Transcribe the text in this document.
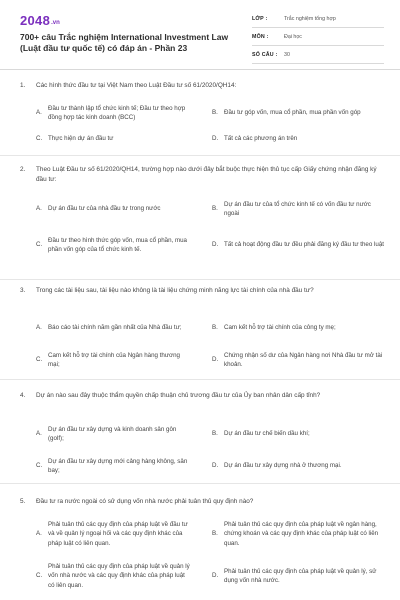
2048.vn
700+ câu Trắc nghiệm International Investment Law (Luật đầu tư quốc tế) có đáp án - Phần 23
LỚP :	Trắc nghiệm tổng hợp
MÔN :	Đại học
SỐ CÂU :	30
1.	Các hình thức đầu tư tại Việt Nam theo Luật Đầu tư số 61/2020/QH14:
A.
Đầu tư thành lập tổ chức kinh tế; Đầu tư theo hợp đồng hợp tác kinh doanh (BCC)
B. Đầu tư góp vốn, mua cổ phần, mua phần vốn góp
C. Thực hiện dự án đầu tư	D. Tất cả các phương án trên
2.	Theo Luật Đầu tư số 61/2020/QH14, trường hợp nào dưới đây bắt buộc thực hiện thủ tục cấp Giấy chứng nhận đăng ký đầu tư:
A. Dự án đầu tư của nhà đầu tư trong nước	B.
Dự án đầu tư của tổ chức kinh tế có vốn đầu tư nước ngoài
C.
Đầu tư theo hình thức góp vốn, mua cổ phần, mua phần vốn góp của tổ chức kinh tế.
D. Tất cả hoạt động đầu tư đều phải đăng ký đầu tư theo luật
3.	Trong các tài liệu sau, tài liệu nào không là tài liệu chứng minh năng lực tài chính của nhà đầu tư?
A. Báo cáo tài chính năm gần nhất của Nhà đầu tư;	B. Cam kết hỗ trợ tài chính của công ty mẹ;
C.
Cam kết hỗ trợ tài chính của Ngân hàng thương mại;
D.
Chứng nhận số dư của Ngân hàng nơi Nhà đầu tư mở tài khoản.
4.	Dự án nào sau đây thuộc thẩm quyền chấp thuận chủ trương đầu tư của Ủy ban nhân dân cấp tỉnh?
A.
Dự án đầu tư xây dựng và kinh doanh sân gôn (golf);
B. Dự án đầu tư chế biến dầu khí;
C.
Dự án đầu tư xây dựng mới cảng hàng không, sân bay;
D. Dự án đầu tư xây dựng nhà ở thương mại.
5.	Đầu tư ra nước ngoài có sử dụng vốn nhà nước phải tuân thủ quy định nào?
A.
Phải tuân thủ các quy định của pháp luật về đầu tư và về quản lý ngoại hối và các quy định khác của pháp luật có liên quan.
B.
Phải tuân thủ các quy định của pháp luật về ngân hàng, chứng khoán và các quy định khác của pháp luật có liên quan.
C.
Phải tuân thủ các quy định của pháp luật về quản lý vốn nhà nước và các quy định khác của pháp luật có liên quan.
D.
Phải tuân thủ các quy định của pháp luật về quản lý, sử dụng vốn nhà nước.
